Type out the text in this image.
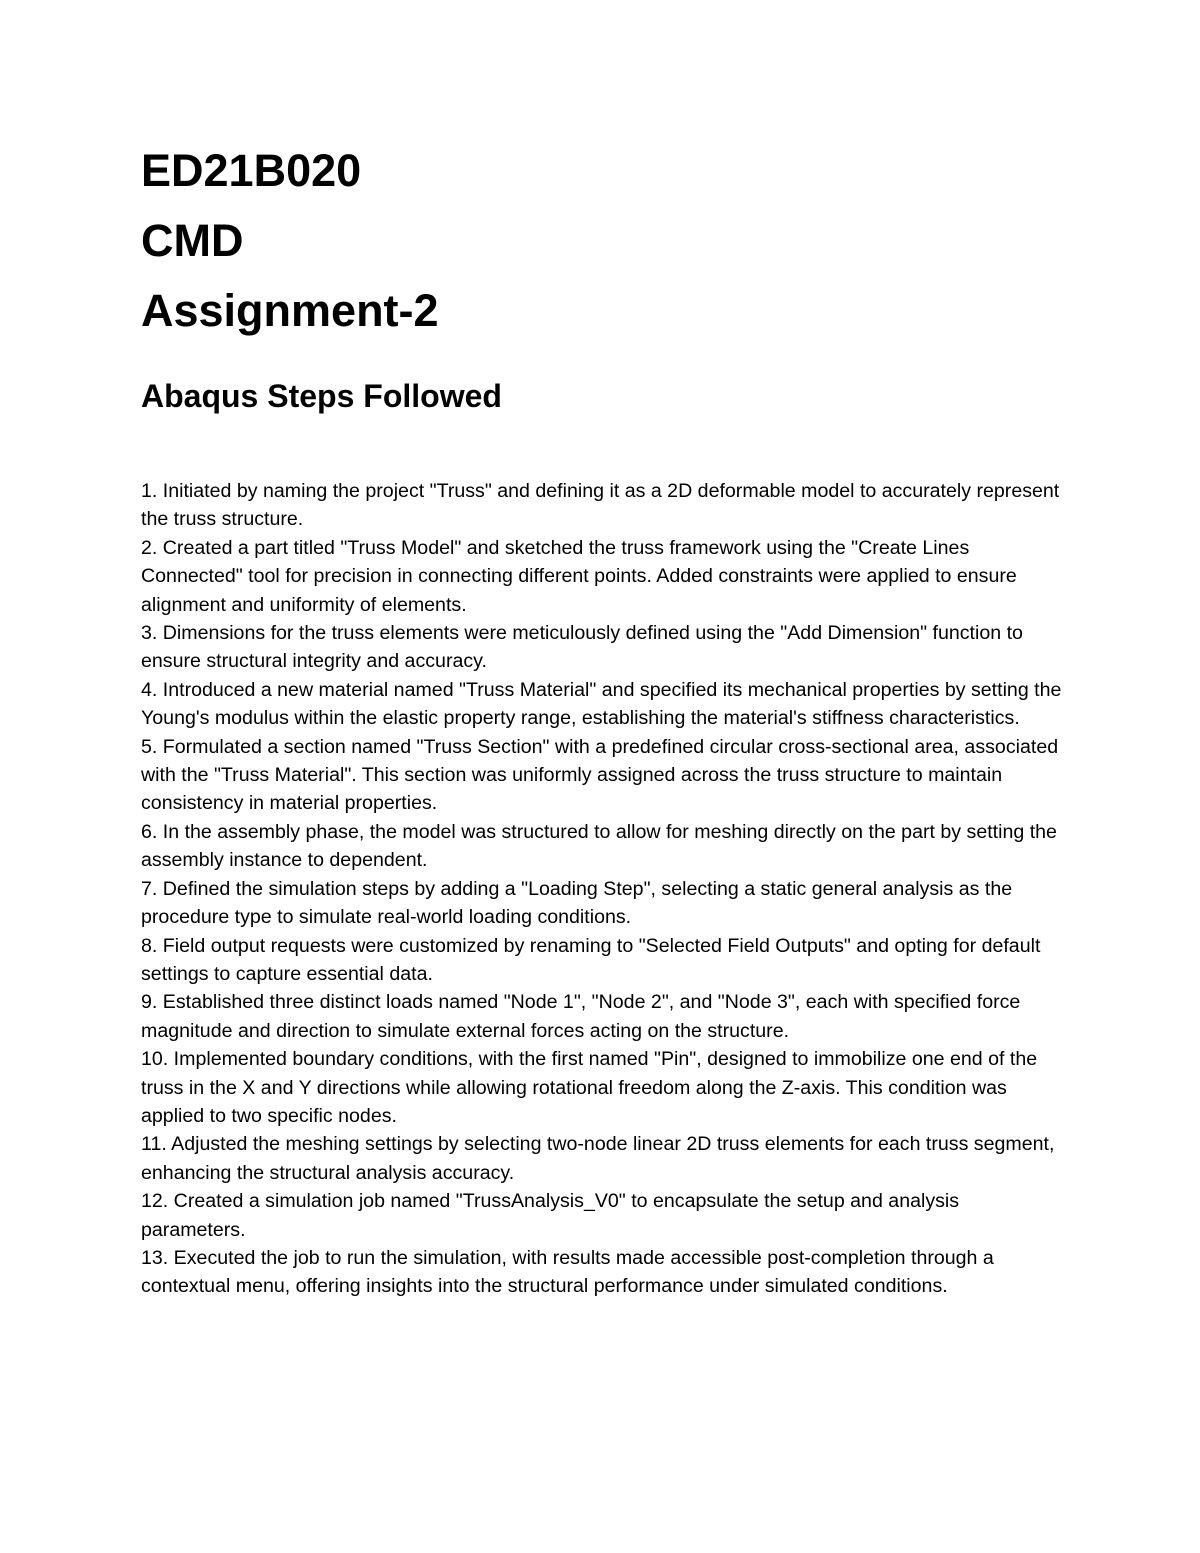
ED21B020
CMD
Assignment-2
Abaqus Steps Followed
1. Initiated by naming the project "Truss" and defining it as a 2D deformable model to accurately represent the truss structure.
2. Created a part titled "Truss Model" and sketched the truss framework using the "Create Lines Connected" tool for precision in connecting different points. Added constraints were applied to ensure alignment and uniformity of elements.
3. Dimensions for the truss elements were meticulously defined using the "Add Dimension" function to ensure structural integrity and accuracy.
4. Introduced a new material named "Truss Material" and specified its mechanical properties by setting the Young's modulus within the elastic property range, establishing the material's stiffness characteristics.
5. Formulated a section named "Truss Section" with a predefined circular cross-sectional area, associated with the "Truss Material". This section was uniformly assigned across the truss structure to maintain consistency in material properties.
6. In the assembly phase, the model was structured to allow for meshing directly on the part by setting the assembly instance to dependent.
7. Defined the simulation steps by adding a "Loading Step", selecting a static general analysis as the procedure type to simulate real-world loading conditions.
8. Field output requests were customized by renaming to "Selected Field Outputs" and opting for default settings to capture essential data.
9. Established three distinct loads named "Node 1", "Node 2", and "Node 3", each with specified force magnitude and direction to simulate external forces acting on the structure.
10. Implemented boundary conditions, with the first named "Pin", designed to immobilize one end of the truss in the X and Y directions while allowing rotational freedom along the Z-axis. This condition was applied to two specific nodes.
11. Adjusted the meshing settings by selecting two-node linear 2D truss elements for each truss segment, enhancing the structural analysis accuracy.
12. Created a simulation job named "TrussAnalysis_V0" to encapsulate the setup and analysis parameters.
13. Executed the job to run the simulation, with results made accessible post-completion through a contextual menu, offering insights into the structural performance under simulated conditions.
